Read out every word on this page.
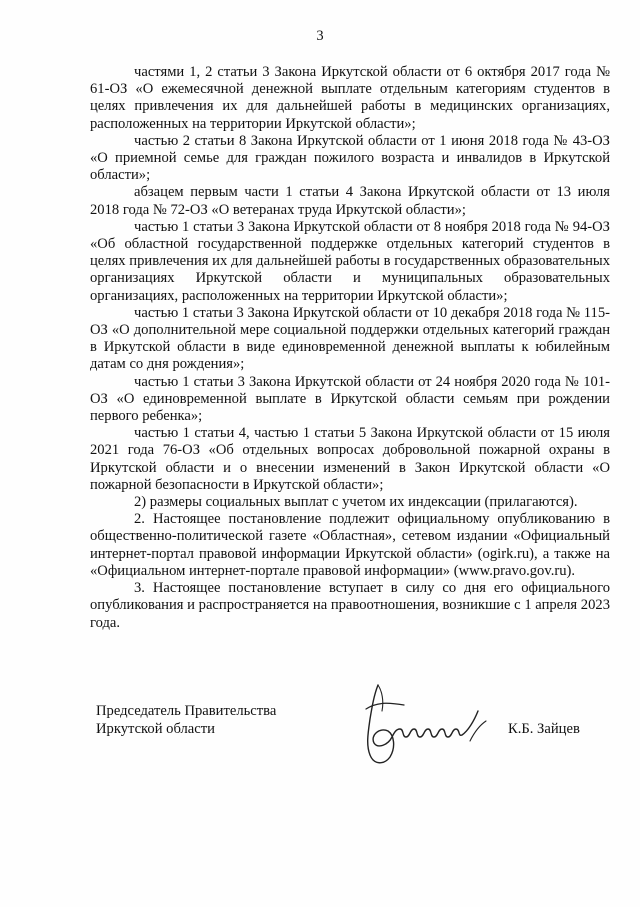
3

частями 1, 2 статьи 3 Закона Иркутской области от 6 октября 2017 года № 61-ОЗ «О ежемесячной денежной выплате отдельным категориям студентов в целях привлечения их для дальнейшей работы в медицинских организациях, расположенных на территории Иркутской области»;

частью 2 статьи 8 Закона Иркутской области от 1 июня 2018 года № 43-ОЗ «О приемной семье для граждан пожилого возраста и инвалидов в Иркутской области»;

абзацем первым части 1 статьи 4 Закона Иркутской области от 13 июля 2018 года № 72-ОЗ «О ветеранах труда Иркутской области»;

частью 1 статьи 3 Закона Иркутской области от 8 ноября 2018 года № 94-ОЗ «Об областной государственной поддержке отдельных категорий студентов в целях привлечения их для дальнейшей работы в государственных образовательных организациях Иркутской области и муниципальных образовательных организациях, расположенных на территории Иркутской области»;

частью 1 статьи 3 Закона Иркутской области от 10 декабря 2018 года № 115-ОЗ «О дополнительной мере социальной поддержки отдельных категорий граждан в Иркутской области в виде единовременной денежной выплаты к юбилейным датам со дня рождения»;

частью 1 статьи 3 Закона Иркутской области от 24 ноября 2020 года № 101-ОЗ «О единовременной выплате в Иркутской области семьям при рождении первого ребенка»;

частью 1 статьи 4, частью 1 статьи 5 Закона Иркутской области от 15 июля 2021 года 76-ОЗ «Об отдельных вопросах добровольной пожарной охраны в Иркутской области и о внесении изменений в Закон Иркутской области «О пожарной безопасности в Иркутской области»;

2) размеры социальных выплат с учетом их индексации (прилагаются).

2. Настоящее постановление подлежит официальному опубликованию в общественно-политической газете «Областная», сетевом издании «Официальный интернет-портал правовой информации Иркутской области» (ogirk.ru), а также на «Официальном интернет-портале правовой информации» (www.pravo.gov.ru).

3. Настоящее постановление вступает в силу со дня его официального опубликования и распространяется на правоотношения, возникшие с 1 апреля 2023 года.

Председатель Правительства
Иркутской области	К.Б. Зайцев
